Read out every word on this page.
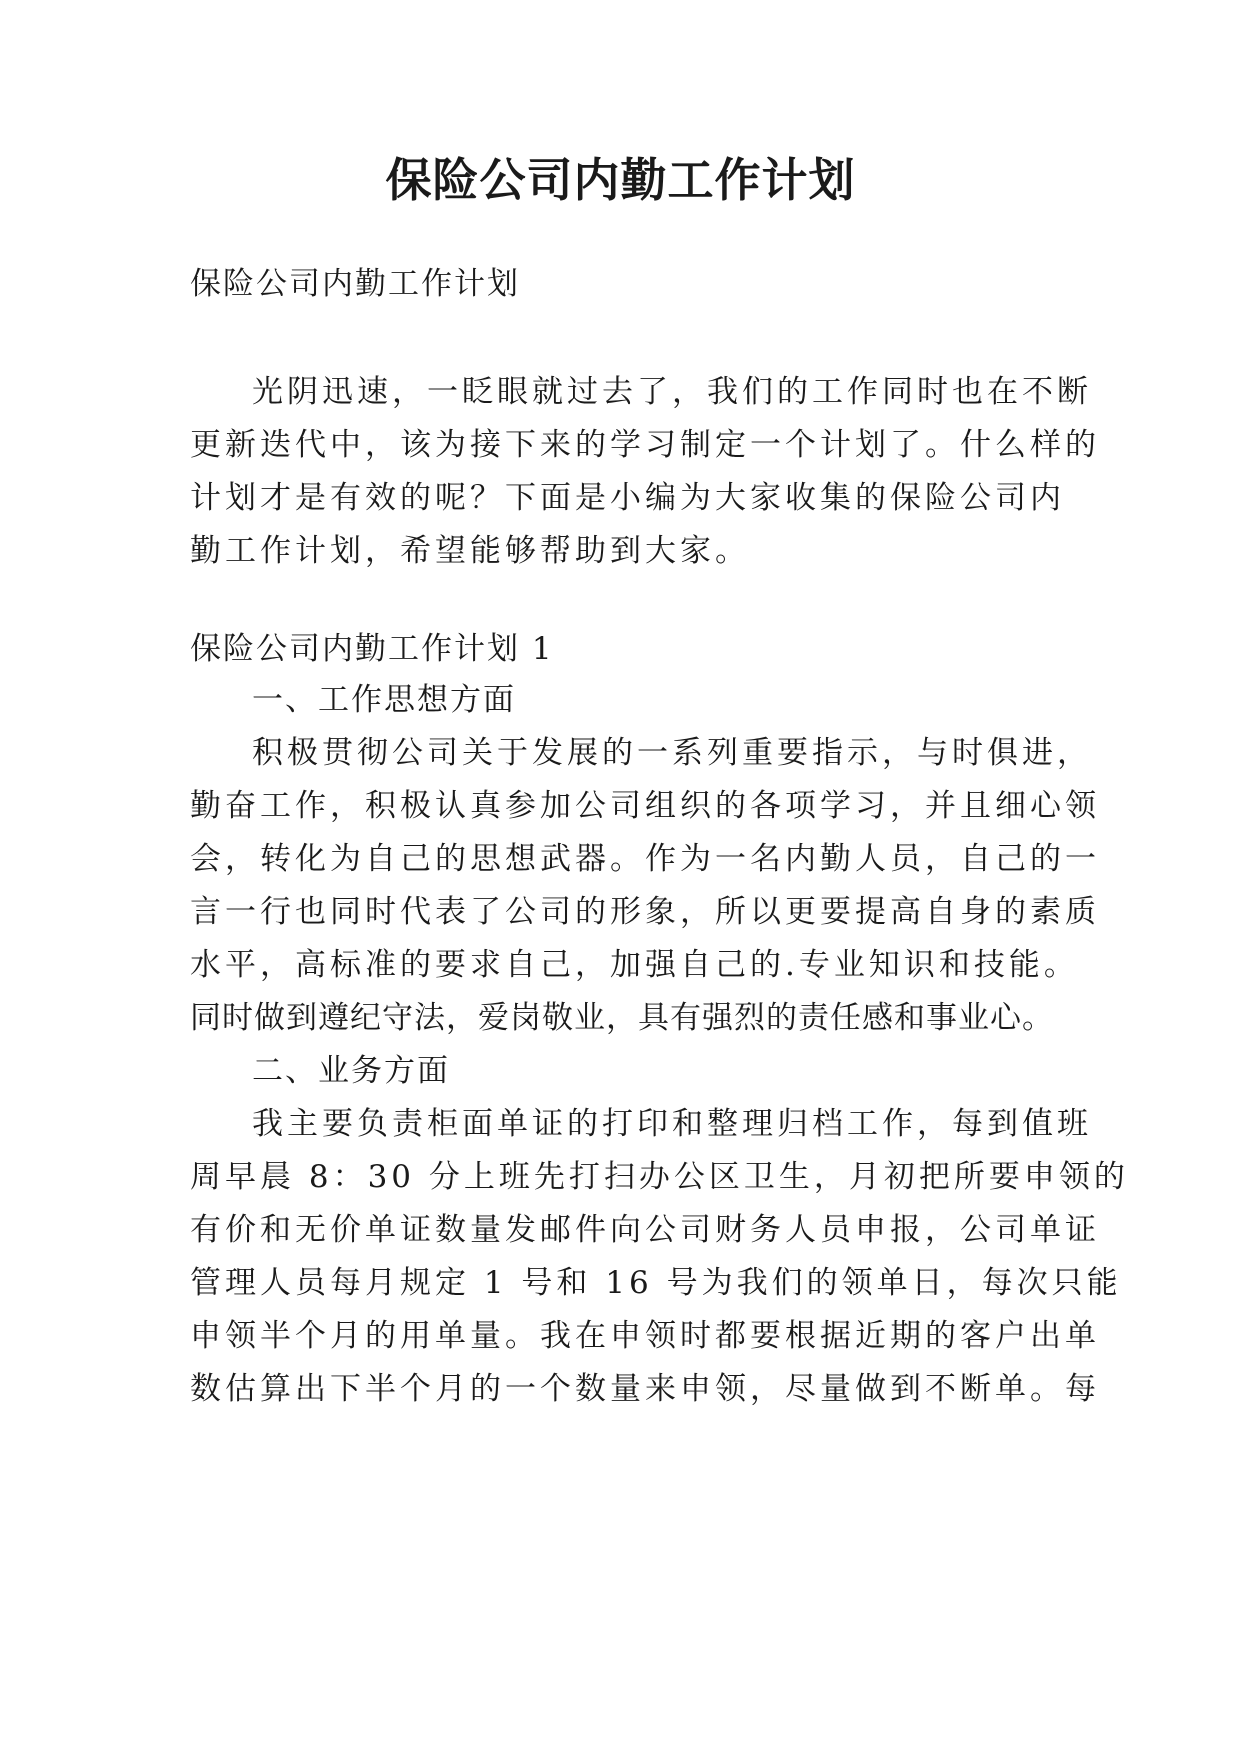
保险公司内勤工作计划
保险公司内勤工作计划
光阴迅速，一眨眼就过去了，我们的工作同时也在不断
更新迭代中，该为接下来的学习制定一个计划了。什么样的
计划才是有效的呢？下面是小编为大家收集的保险公司内
勤工作计划，希望能够帮助到大家。
保险公司内勤工作计划 1
一、工作思想方面
积极贯彻公司关于发展的一系列重要指示，与时俱进，
勤奋工作，积极认真参加公司组织的各项学习，并且细心领
会，转化为自己的思想武器。作为一名内勤人员，自己的一
言一行也同时代表了公司的形象，所以更要提高自身的素质
水平，高标准的要求自己，加强自己的.专业知识和技能。
同时做到遵纪守法，爱岗敬业，具有强烈的责任感和事业心。
二、业务方面
我主要负责柜面单证的打印和整理归档工作，每到值班
周早晨 8：30 分上班先打扫办公区卫生，月初把所要申领的
有价和无价单证数量发邮件向公司财务人员申报，公司单证
管理人员每月规定 1 号和 16 号为我们的领单日，每次只能
申领半个月的用单量。我在申领时都要根据近期的客户出单
数估算出下半个月的一个数量来申领，尽量做到不断单。每
